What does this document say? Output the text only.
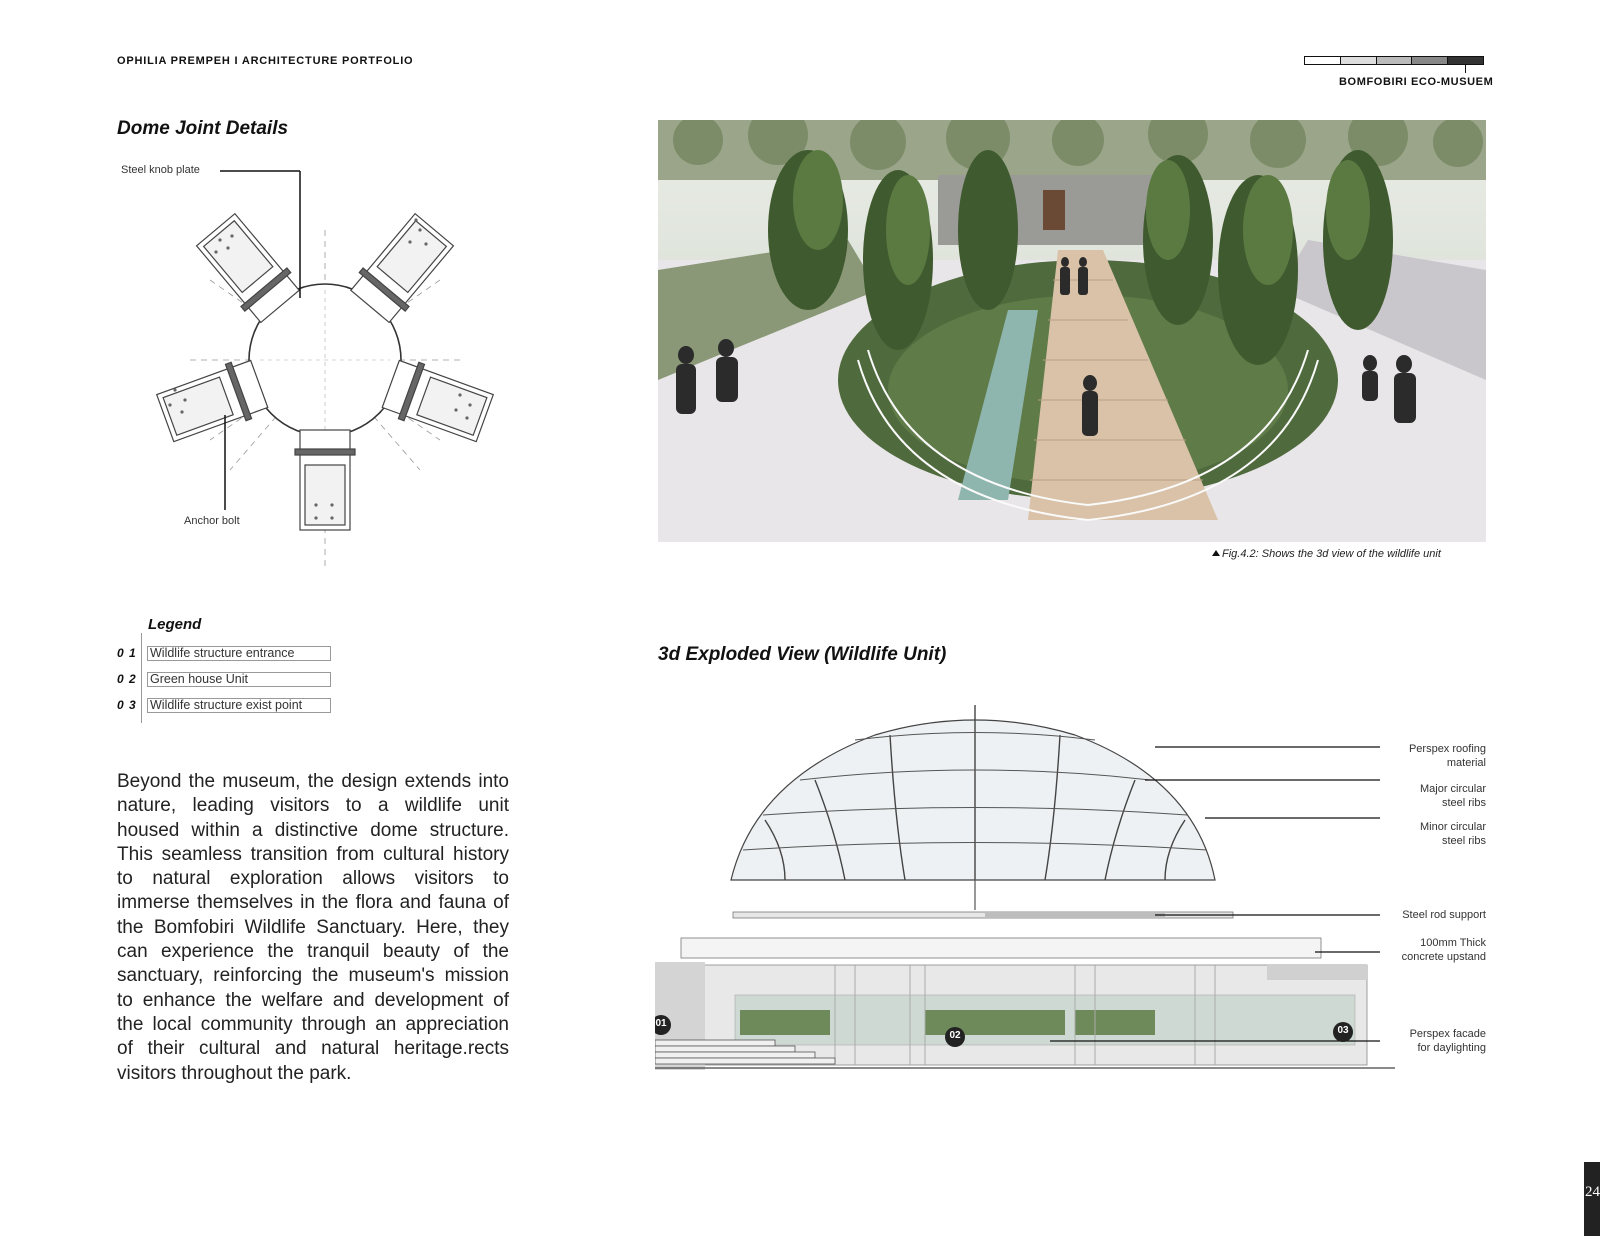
OPHILIA PREMPEH I ARCHITECTURE PORTFOLIO
BOMFOBIRI ECO-MUSUEM
Dome Joint Details
Steel knob plate
Anchor bolt
Legend
0 1 Wildlife structure entrance
0 2 Green house Unit
0 3 Wildlife structure exist point
Beyond the museum, the design extends into nature, leading visitors to a wildlife unit housed within a distinctive dome structure. This seamless transition from cultural history to natural exploration allows visitors to immerse themselves in the flora and fauna of the Bomfobiri Wildlife Sanctuary. Here, they can experience the tranquil beauty of the sanctuary, reinforcing the museum's mission to enhance the welfare and development of the local community through an appreciation of their cultural and natural heritage.rects visitors throughout the park.
Fig.4.2: Shows the 3d view of the wildlife unit
3d Exploded View (Wildlife Unit)
01
02	03
Perspex roofing
material
Major circular
steel ribs
Minor circular
steel ribs
Steel rod support
100mm Thick
concrete upstand
Perspex facade
for daylighting
24
